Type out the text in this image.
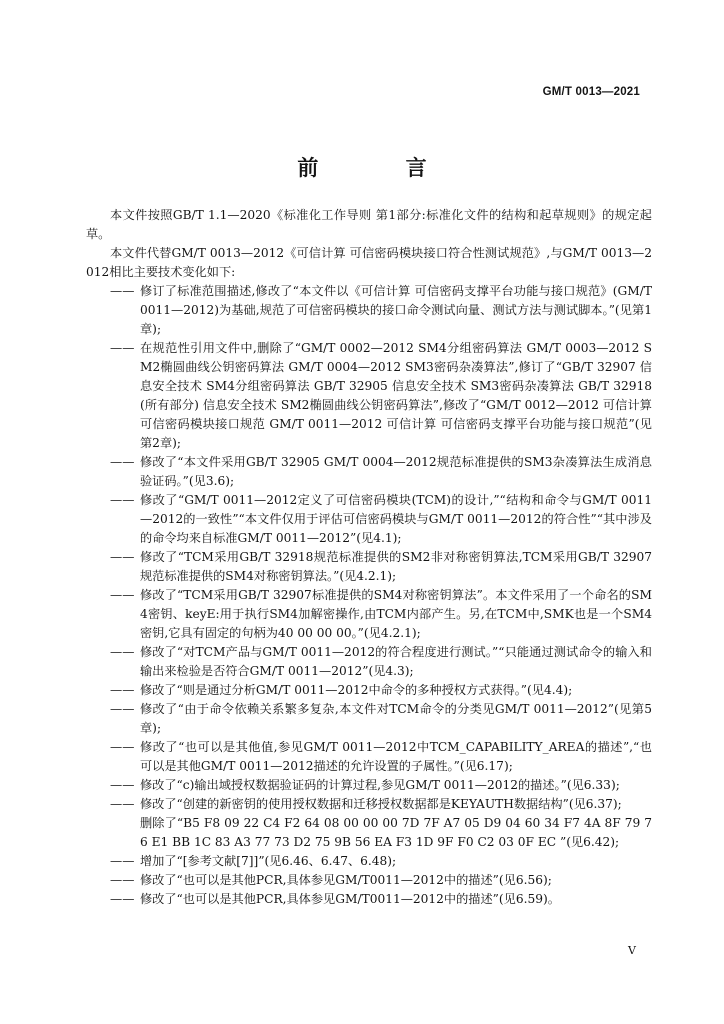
GM/T 0013—2021
前 言

本文件按照GB/T 1.1—2020《标准化工作导则 第1部分:标准化文件的结构和起草规则》的规定起草。

本文件代替GM/T 0013—2012《可信计算 可信密码模块接口符合性测试规范》,与GM/T 0013—2012相比主要技术变化如下:

—— 修订了标准范围描述,修改了“本文件以《可信计算 可信密码支撑平台功能与接口规范》(GM/T 0011—2012)为基础,规范了可信密码模块的接口命令测试向量、测试方法与测试脚本。”(见第1章);

—— 在规范性引用文件中,删除了“GM/T 0002—2012 SM4分组密码算法 GM/T 0003—2012 SM2椭圆曲线公钥密码算法 GM/T 0004—2012 SM3密码杂凑算法”,修订了“GB/T 32907 信息安全技术 SM4分组密码算法 GB/T 32905 信息安全技术 SM3密码杂凑算法 GB/T 32918(所有部分) 信息安全技术 SM2椭圆曲线公钥密码算法”,修改了“GM/T 0012—2012 可信计算 可信密码模块接口规范 GM/T 0011—2012 可信计算 可信密码支撑平台功能与接口规范”(见第2章);

—— 修改了“本文件采用GB/T 32905 GM/T 0004—2012规范标准提供的SM3杂凑算法生成消息验证码。”(见3.6);

—— 修改了“GM/T 0011—2012定义了可信密码模块(TCM)的设计,”“结构和命令与GM/T 0011—2012的一致性”“本文件仅用于评估可信密码模块与GM/T 0011—2012的符合性”“其中涉及的命令均来自标准GM/T 0011—2012”(见4.1);

—— 修改了“TCM采用GB/T 32918规范标准提供的SM2非对称密钥算法,TCM采用GB/T 32907规范标准提供的SM4对称密钥算法。”(见4.2.1);

—— 修改了“TCM采用GB/T 32907标准提供的SM4对称密钥算法”。本文件采用了一个命名的SM4密钥、keyE:用于执行SM4加解密操作,由TCM内部产生。另,在TCM中,SMK也是一个SM4密钥,它具有固定的句柄为40 00 00 00。”(见4.2.1);

—— 修改了“对TCM产品与GM/T 0011—2012的符合程度进行测试。”“只能通过测试命令的输入和输出来检验是否符合GM/T 0011—2012”(见4.3);

—— 修改了“则是通过分析GM/T 0011—2012中命令的多种授权方式获得。”(见4.4);

—— 修改了“由于命令依赖关系繁多复杂,本文件对TCM命令的分类见GM/T 0011—2012”(见第5章);

—— 修改了“也可以是其他值,参见GM/T 0011—2012中TCM_CAPABILITY_AREA的描述”,“也可以是其他GM/T 0011—2012描述的允许设置的子属性。”(见6.17);

—— 修改了“c)输出域授权数据验证码的计算过程,参见GM/T 0011—2012的描述。”(见6.33);

—— 修改了“创建的新密钥的使用授权数据和迁移授权数据都是KEYAUTH数据结构”(见6.37);

删除了“B5 F8 09 22 C4 F2 64 08 00 00 00 7D 7F A7 05 D9 04 60 34 F7 4A 8F 79 76 E1 BB 1C 83 A3 77 73 D2 75 9B 56 EA F3 1D 9F F0 C2 03 0F EC ”(见6.42);

—— 增加了“[参考文献[7]]”(见6.46、6.47、6.48);

—— 修改了“也可以是其他PCR,具体参见GM/T0011—2012中的描述”(见6.56);

—— 修改了“也可以是其他PCR,具体参见GM/T0011—2012中的描述”(见6.59)。

V
